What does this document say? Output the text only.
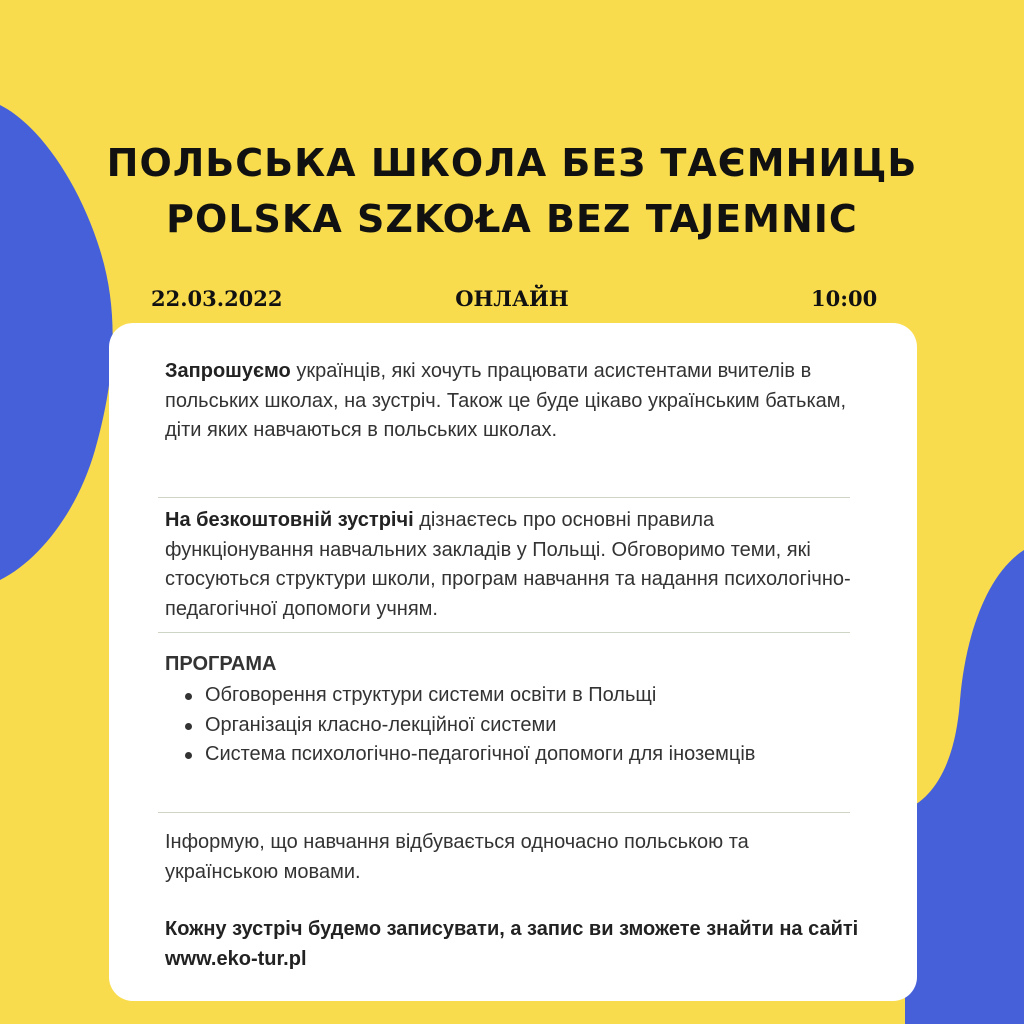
ПОЛЬСЬКА ШКОЛА БЕЗ ТАЄМНИЦЬ
POLSKA SZKOŁA BEZ TAJEMNIC
22.03.2022	ОНЛАЙН	10:00

Запрошуємо українців, які хочуть працювати асистентами вчителів в польських школах, на зустріч. Також це буде цікаво українським батькам, діти яких навчаються в польських школах.

На безкоштовній зустрічі дізнаєтесь про основні правила функціонування навчальних закладів у Польщі. Обговоримо теми, які стосуються структури школи, програм навчання та надання психологічно-педагогічної допомоги учням.

ПРОГРАМА
Обговорення структури системи освіти в Польщі
Організація класно-лекційної системи
Система психологічно-педагогічної допомоги для іноземців

Інформую, що навчання відбувається одночасно польською та українською мовами.

Кожну зустріч будемо записувати, а запис ви зможете знайти на сайті www.eko-tur.pl
